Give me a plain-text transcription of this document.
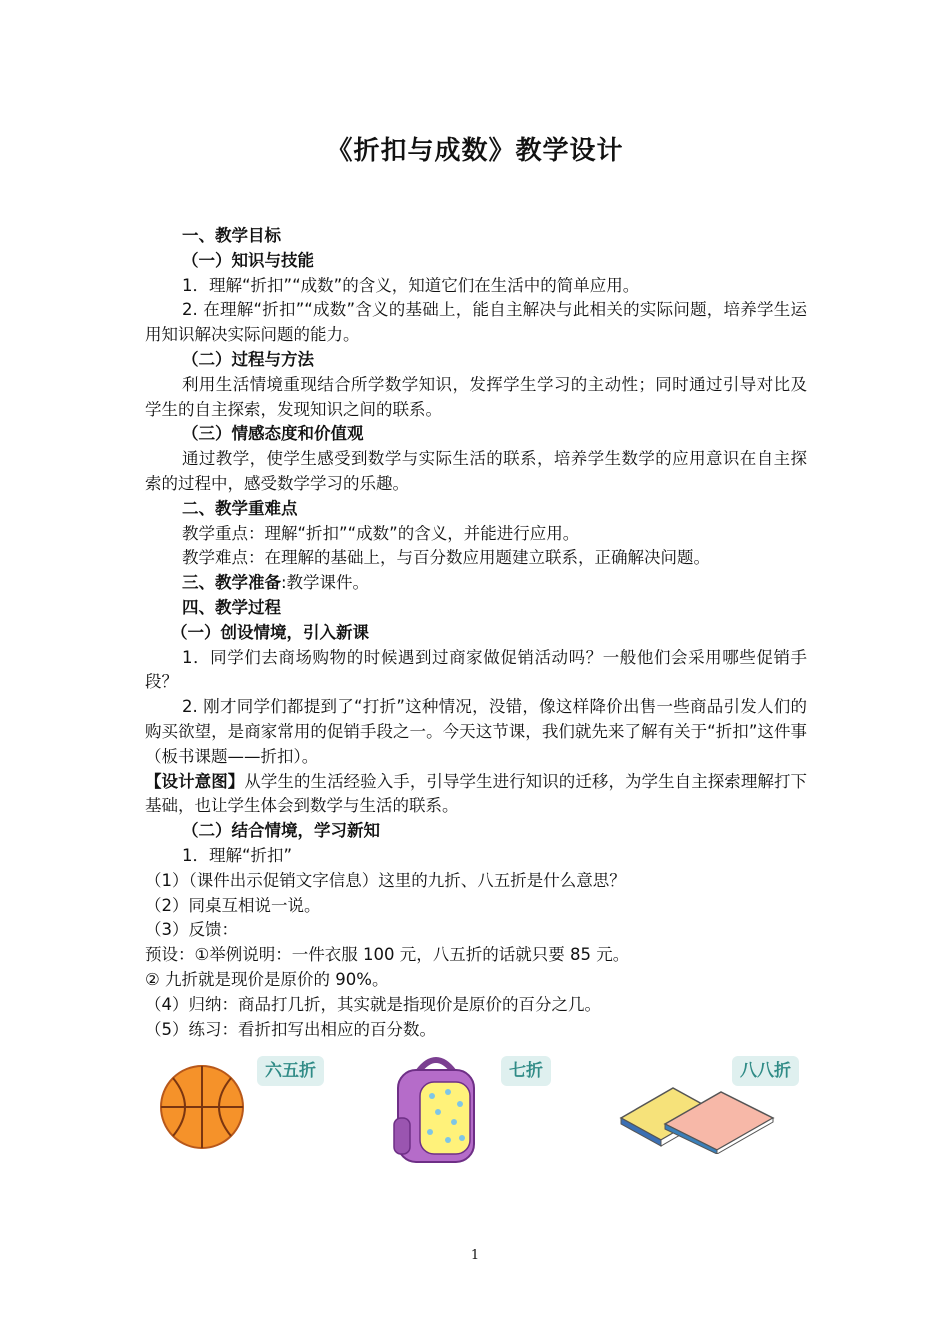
《折扣与成数》教学设计

一、教学目标

（一）知识与技能

1．理解“折扣”“成数”的含义，知道它们在生活中的简单应用。

2. 在理解“折扣”“成数”含义的基础上，能自主解决与此相关的实际问题，培养学生运用知识解决实际问题的能力。

（二）过程与方法

利用生活情境重现结合所学数学知识，发挥学生学习的主动性；同时通过引导对比及学生的自主探索，发现知识之间的联系。

（三）情感态度和价值观

通过教学，使学生感受到数学与实际生活的联系，培养学生数学的应用意识在自主探索的过程中，感受数学学习的乐趣。

二、教学重难点

教学重点：理解“折扣”“成数”的含义，并能进行应用。

教学难点：在理解的基础上，与百分数应用题建立联系，正确解决问题。

三、教学准备:教学课件。

四、教学过程

（一）创设情境，引入新课

1．同学们去商场购物的时候遇到过商家做促销活动吗？一般他们会采用哪些促销手段？

2. 刚才同学们都提到了“打折”这种情况，没错，像这样降价出售一些商品引发人们的购买欲望，是商家常用的促销手段之一。今天这节课，我们就先来了解有关于“折扣”这件事（板书课题——折扣）。

【设计意图】从学生的生活经验入手，引导学生进行知识的迁移，为学生自主探索理解打下基础，也让学生体会到数学与生活的联系。

（二）结合情境，学习新知

1．理解“折扣”

（1）（课件出示促销文字信息）这里的九折、八五折是什么意思？

（2）同桌互相说一说。

（3）反馈：

预设：①举例说明：一件衣服 100 元，八五折的话就只要 85 元。

② 九折就是现价是原价的 90%。

（4）归纳：商品打几折，其实就是指现价是原价的百分之几。

（5）练习：看折扣写出相应的百分数。

六五折	七折	八八折
1
